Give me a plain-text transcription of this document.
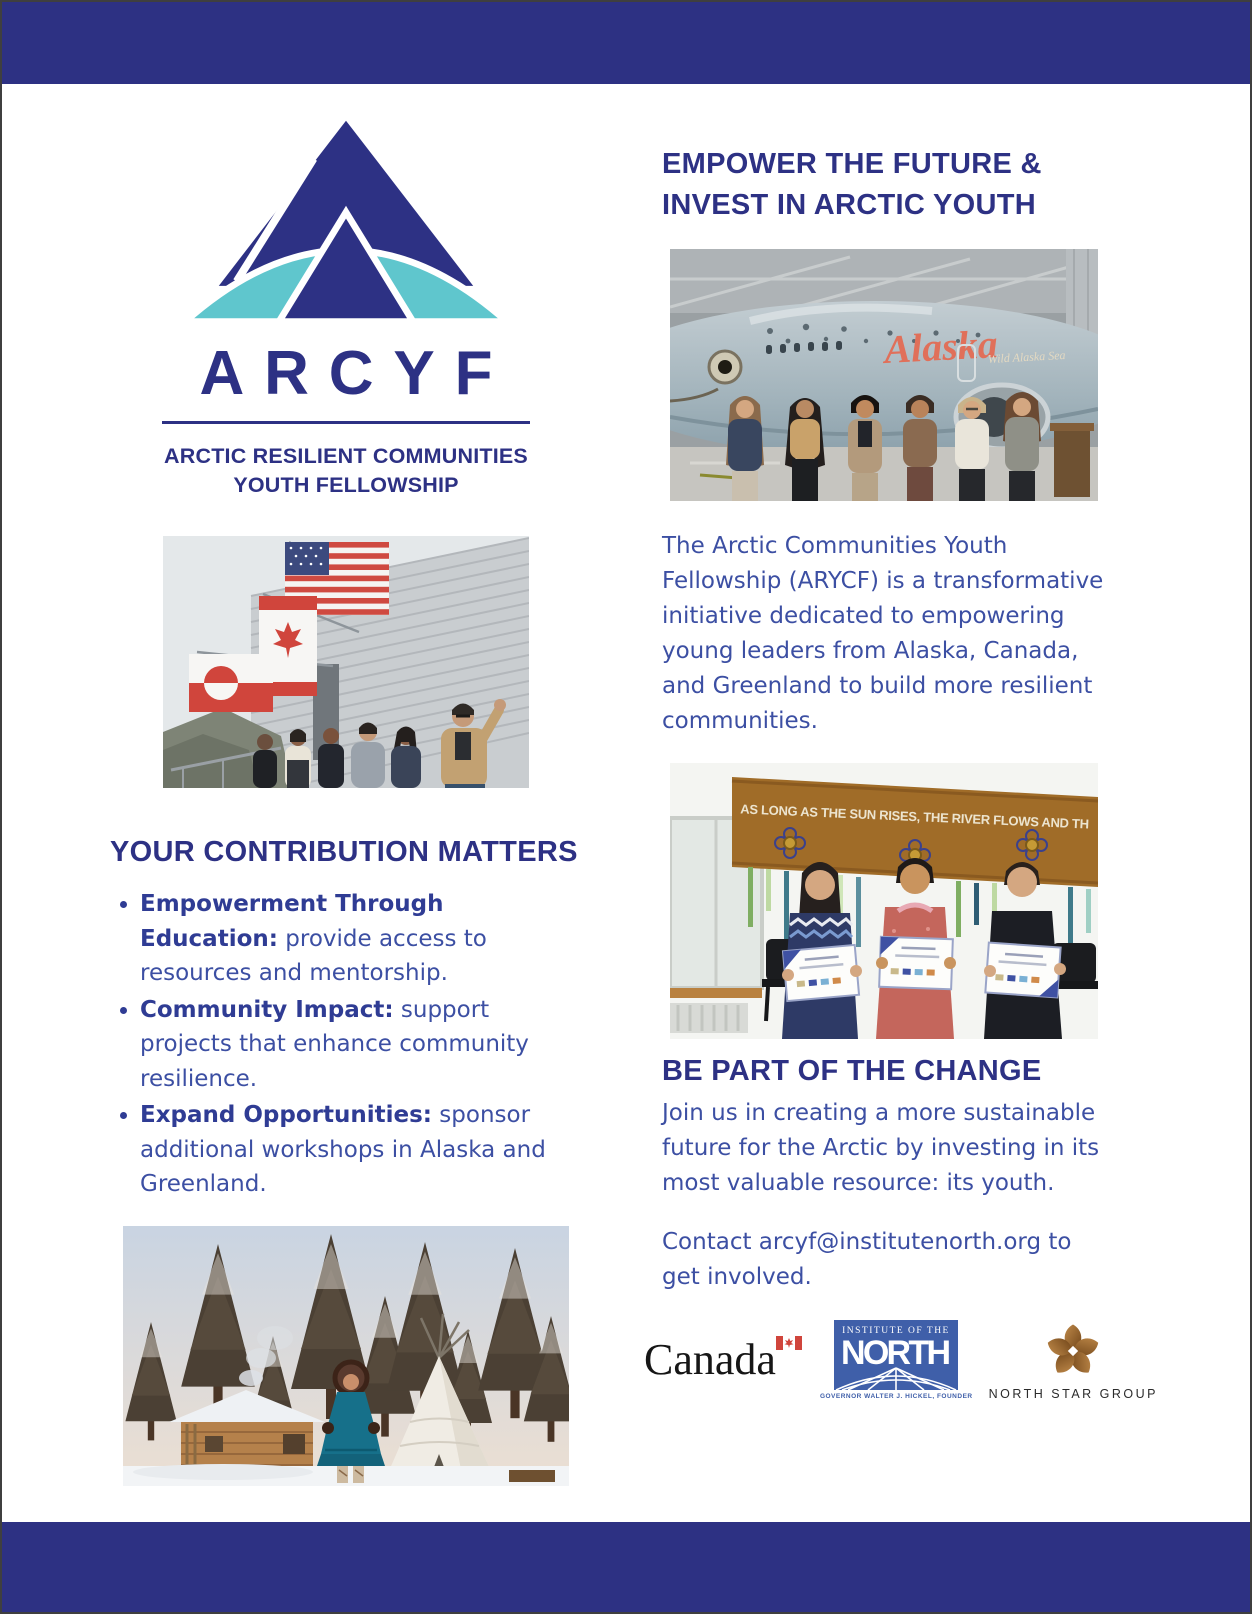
ARCYF
ARCTIC RESILIENT COMMUNITIES
YOUTH FELLOWSHIP
YOUR CONTRIBUTION MATTERS
• Empowerment Through Education: provide access to resources and mentorship.
• Community Impact: support projects that enhance community resilience.
• Expand Opportunities: sponsor additional workshops in Alaska and Greenland.
EMPOWER THE FUTURE &
INVEST IN ARCTIC YOUTH
Alaska
Wild Alaska Sea

The Arctic Communities Youth Fellowship (ARYCF) is a transformative initiative dedicated to empowering young leaders from Alaska, Canada, and Greenland to build more resilient communities.

AS LONG AS THE SUN RISES, THE RIVER FLOWS AND TH
BE PART OF THE CHANGE

Join us in creating a more sustainable future for the Arctic by investing in its most valuable resource: its youth.

Contact arcyf@institutenorth.org to get involved.

Canada
INSTITUTE OF THE
NORTH
GOVERNOR WALTER J. HICKEL, FOUNDER NORTH STAR GROUP
